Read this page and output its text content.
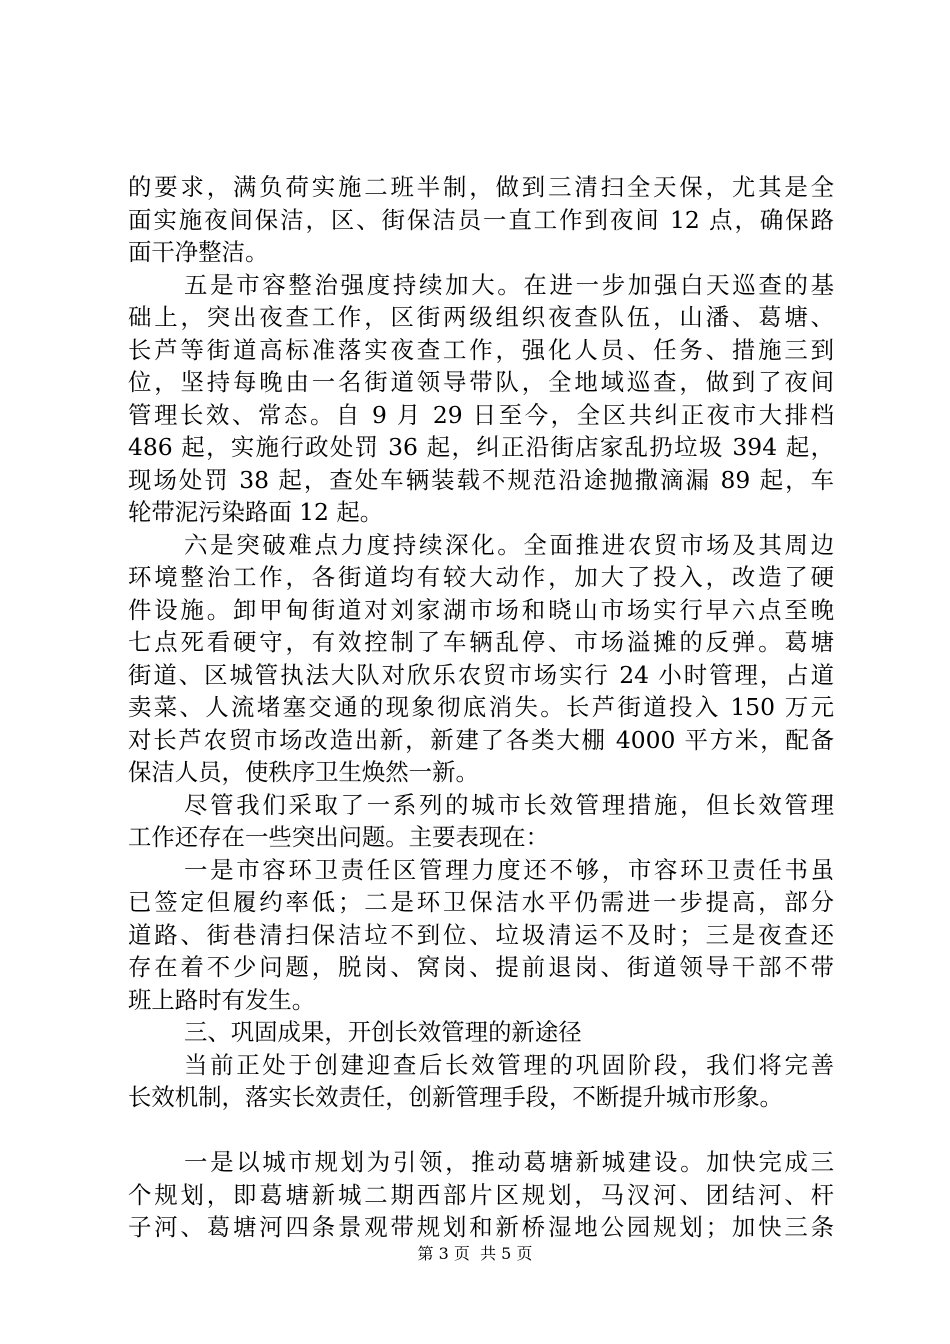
的要求，满负荷实施二班半制，做到三清扫全天保，尤其是全
面实施夜间保洁，区、街保洁员一直工作到夜间 12 点，确保路
面干净整洁。
五是市容整治强度持续加大。在进一步加强白天巡查的基
础上，突出夜查工作，区街两级组织夜查队伍，山潘、葛塘、
长芦等街道高标准落实夜查工作，强化人员、任务、措施三到
位，坚持每晚由一名街道领导带队，全地域巡查，做到了夜间
管理长效、常态。自 9 月 29 日至今，全区共纠正夜市大排档
486 起，实施行政处罚 36 起，纠正沿街店家乱扔垃圾 394 起，
现场处罚 38 起，查处车辆装载不规范沿途抛撒滴漏 89 起，车
轮带泥污染路面 12 起。
六是突破难点力度持续深化。全面推进农贸市场及其周边
环境整治工作，各街道均有较大动作，加大了投入，改造了硬
件设施。卸甲甸街道对刘家湖市场和晓山市场实行早六点至晚
七点死看硬守，有效控制了车辆乱停、市场溢摊的反弹。葛塘
街道、区城管执法大队对欣乐农贸市场实行 24 小时管理，占道
卖菜、人流堵塞交通的现象彻底消失。长芦街道投入 150 万元
对长芦农贸市场改造出新，新建了各类大棚 4000 平方米，配备
保洁人员，使秩序卫生焕然一新。
尽管我们采取了一系列的城市长效管理措施，但长效管理
工作还存在一些突出问题。主要表现在：
一是市容环卫责任区管理力度还不够，市容环卫责任书虽
已签定但履约率低；二是环卫保洁水平仍需进一步提高，部分
道路、街巷清扫保洁垃不到位、垃圾清运不及时；三是夜查还
存在着不少问题，脱岗、窝岗、提前退岗、街道领导干部不带
班上路时有发生。
三、巩固成果，开创长效管理的新途径
当前正处于创建迎查后长效管理的巩固阶段，我们将完善
长效机制，落实长效责任，创新管理手段，不断提升城市形象。
一是以城市规划为引领，推动葛塘新城建设。加快完成三
个规划，即葛塘新城二期西部片区规划，马汊河、团结河、杆
子河、葛塘河四条景观带规划和新桥湿地公园规划；加快三条
第 3 页  共 5 页
